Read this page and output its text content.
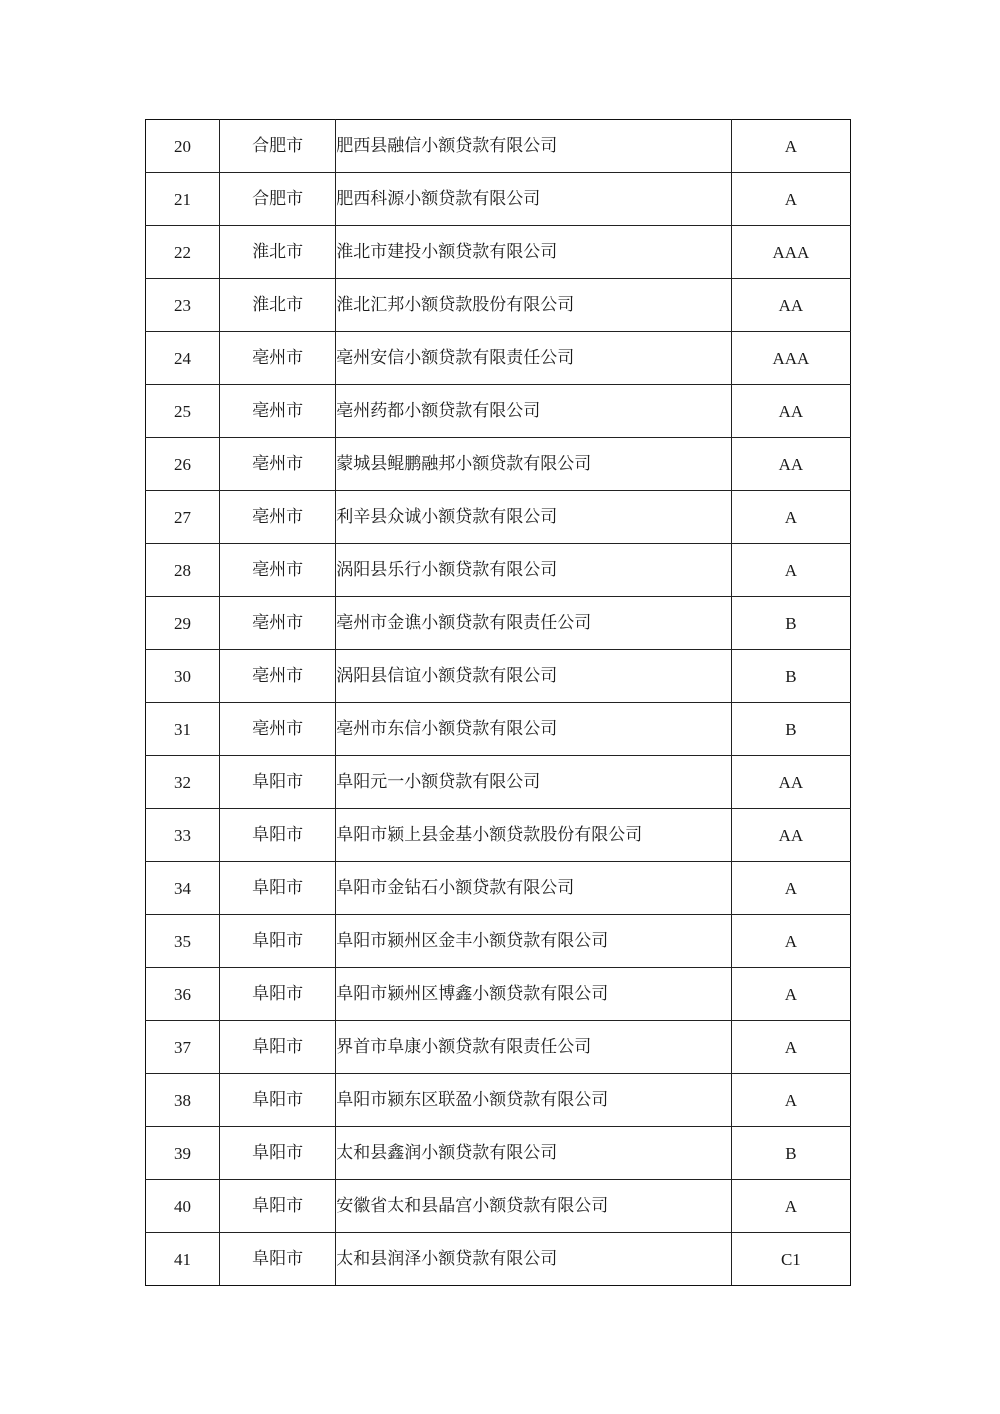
20	合肥市	肥西县融信小额贷款有限公司	A
21	合肥市	肥西科源小额贷款有限公司	A
22	淮北市	淮北市建投小额贷款有限公司	AAA
23	淮北市	淮北汇邦小额贷款股份有限公司	AA
24	亳州市	亳州安信小额贷款有限责任公司	AAA
25	亳州市	亳州药都小额贷款有限公司	AA
26	亳州市	蒙城县鲲鹏融邦小额贷款有限公司	AA
27	亳州市	利辛县众诚小额贷款有限公司	A
28	亳州市	涡阳县乐行小额贷款有限公司	A
29	亳州市	亳州市金谯小额贷款有限责任公司	B
30	亳州市	涡阳县信谊小额贷款有限公司	B
31	亳州市	亳州市东信小额贷款有限公司	B
32	阜阳市	阜阳元一小额贷款有限公司	AA
33	阜阳市	阜阳市颍上县金基小额贷款股份有限公司	AA
34	阜阳市	阜阳市金钻石小额贷款有限公司	A
35	阜阳市	阜阳市颍州区金丰小额贷款有限公司	A
36	阜阳市	阜阳市颍州区博鑫小额贷款有限公司	A
37	阜阳市	界首市阜康小额贷款有限责任公司	A
38	阜阳市	阜阳市颍东区联盈小额贷款有限公司	A
39	阜阳市	太和县鑫润小额贷款有限公司	B
40	阜阳市	安徽省太和县晶宫小额贷款有限公司	A
41	阜阳市	太和县润泽小额贷款有限公司	C1
